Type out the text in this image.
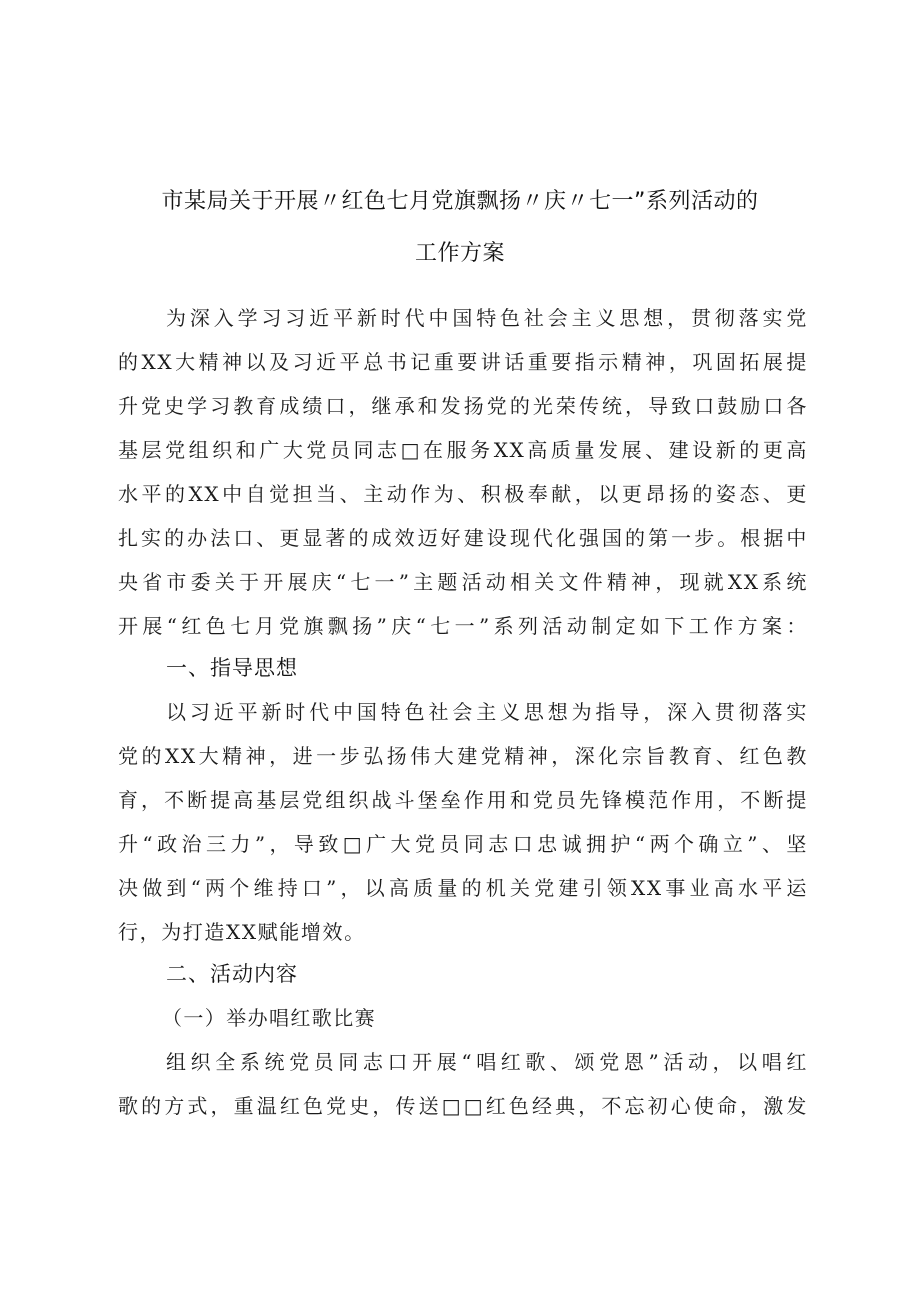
市某局关于开展〃红色七月党旗飘扬〃庆〃七一”系列活动的
工作方案
为深入学习习近平新时代中国特色社会主义思想，贯彻落实党
的XX大精神以及习近平总书记重要讲话重要指示精神，巩固拓展提
升党史学习教育成绩口，继承和发扬党的光荣传统，导致口鼓励口各
基层党组织和广大党员同志□在服务XX高质量发展、建设新的更高
水平的XX中自觉担当、主动作为、积极奉献，以更昂扬的姿态、更
扎实的办法口、更显著的成效迈好建设现代化强国的第一步。根据中
央省市委关于开展庆“七一”主题活动相关文件精神，现就XX系统
开展“红色七月党旗飘扬”庆“七一”系列活动制定如下工作方案：
一、指导思想
以习近平新时代中国特色社会主义思想为指导，深入贯彻落实
党的XX大精神，进一步弘扬伟大建党精神，深化宗旨教育、红色教
育，不断提高基层党组织战斗堡垒作用和党员先锋模范作用，不断提
升“政治三力”，导致□广大党员同志口忠诚拥护“两个确立”、坚
决做到“两个维持口”，以高质量的机关党建引领XX事业高水平运
行，为打造XX赋能增效。
二、活动内容
（一）举办唱红歌比赛
组织全系统党员同志口开展“唱红歌、颂党恩”活动，以唱红
歌的方式，重温红色党史，传送□□红色经典，不忘初心使命，激发
